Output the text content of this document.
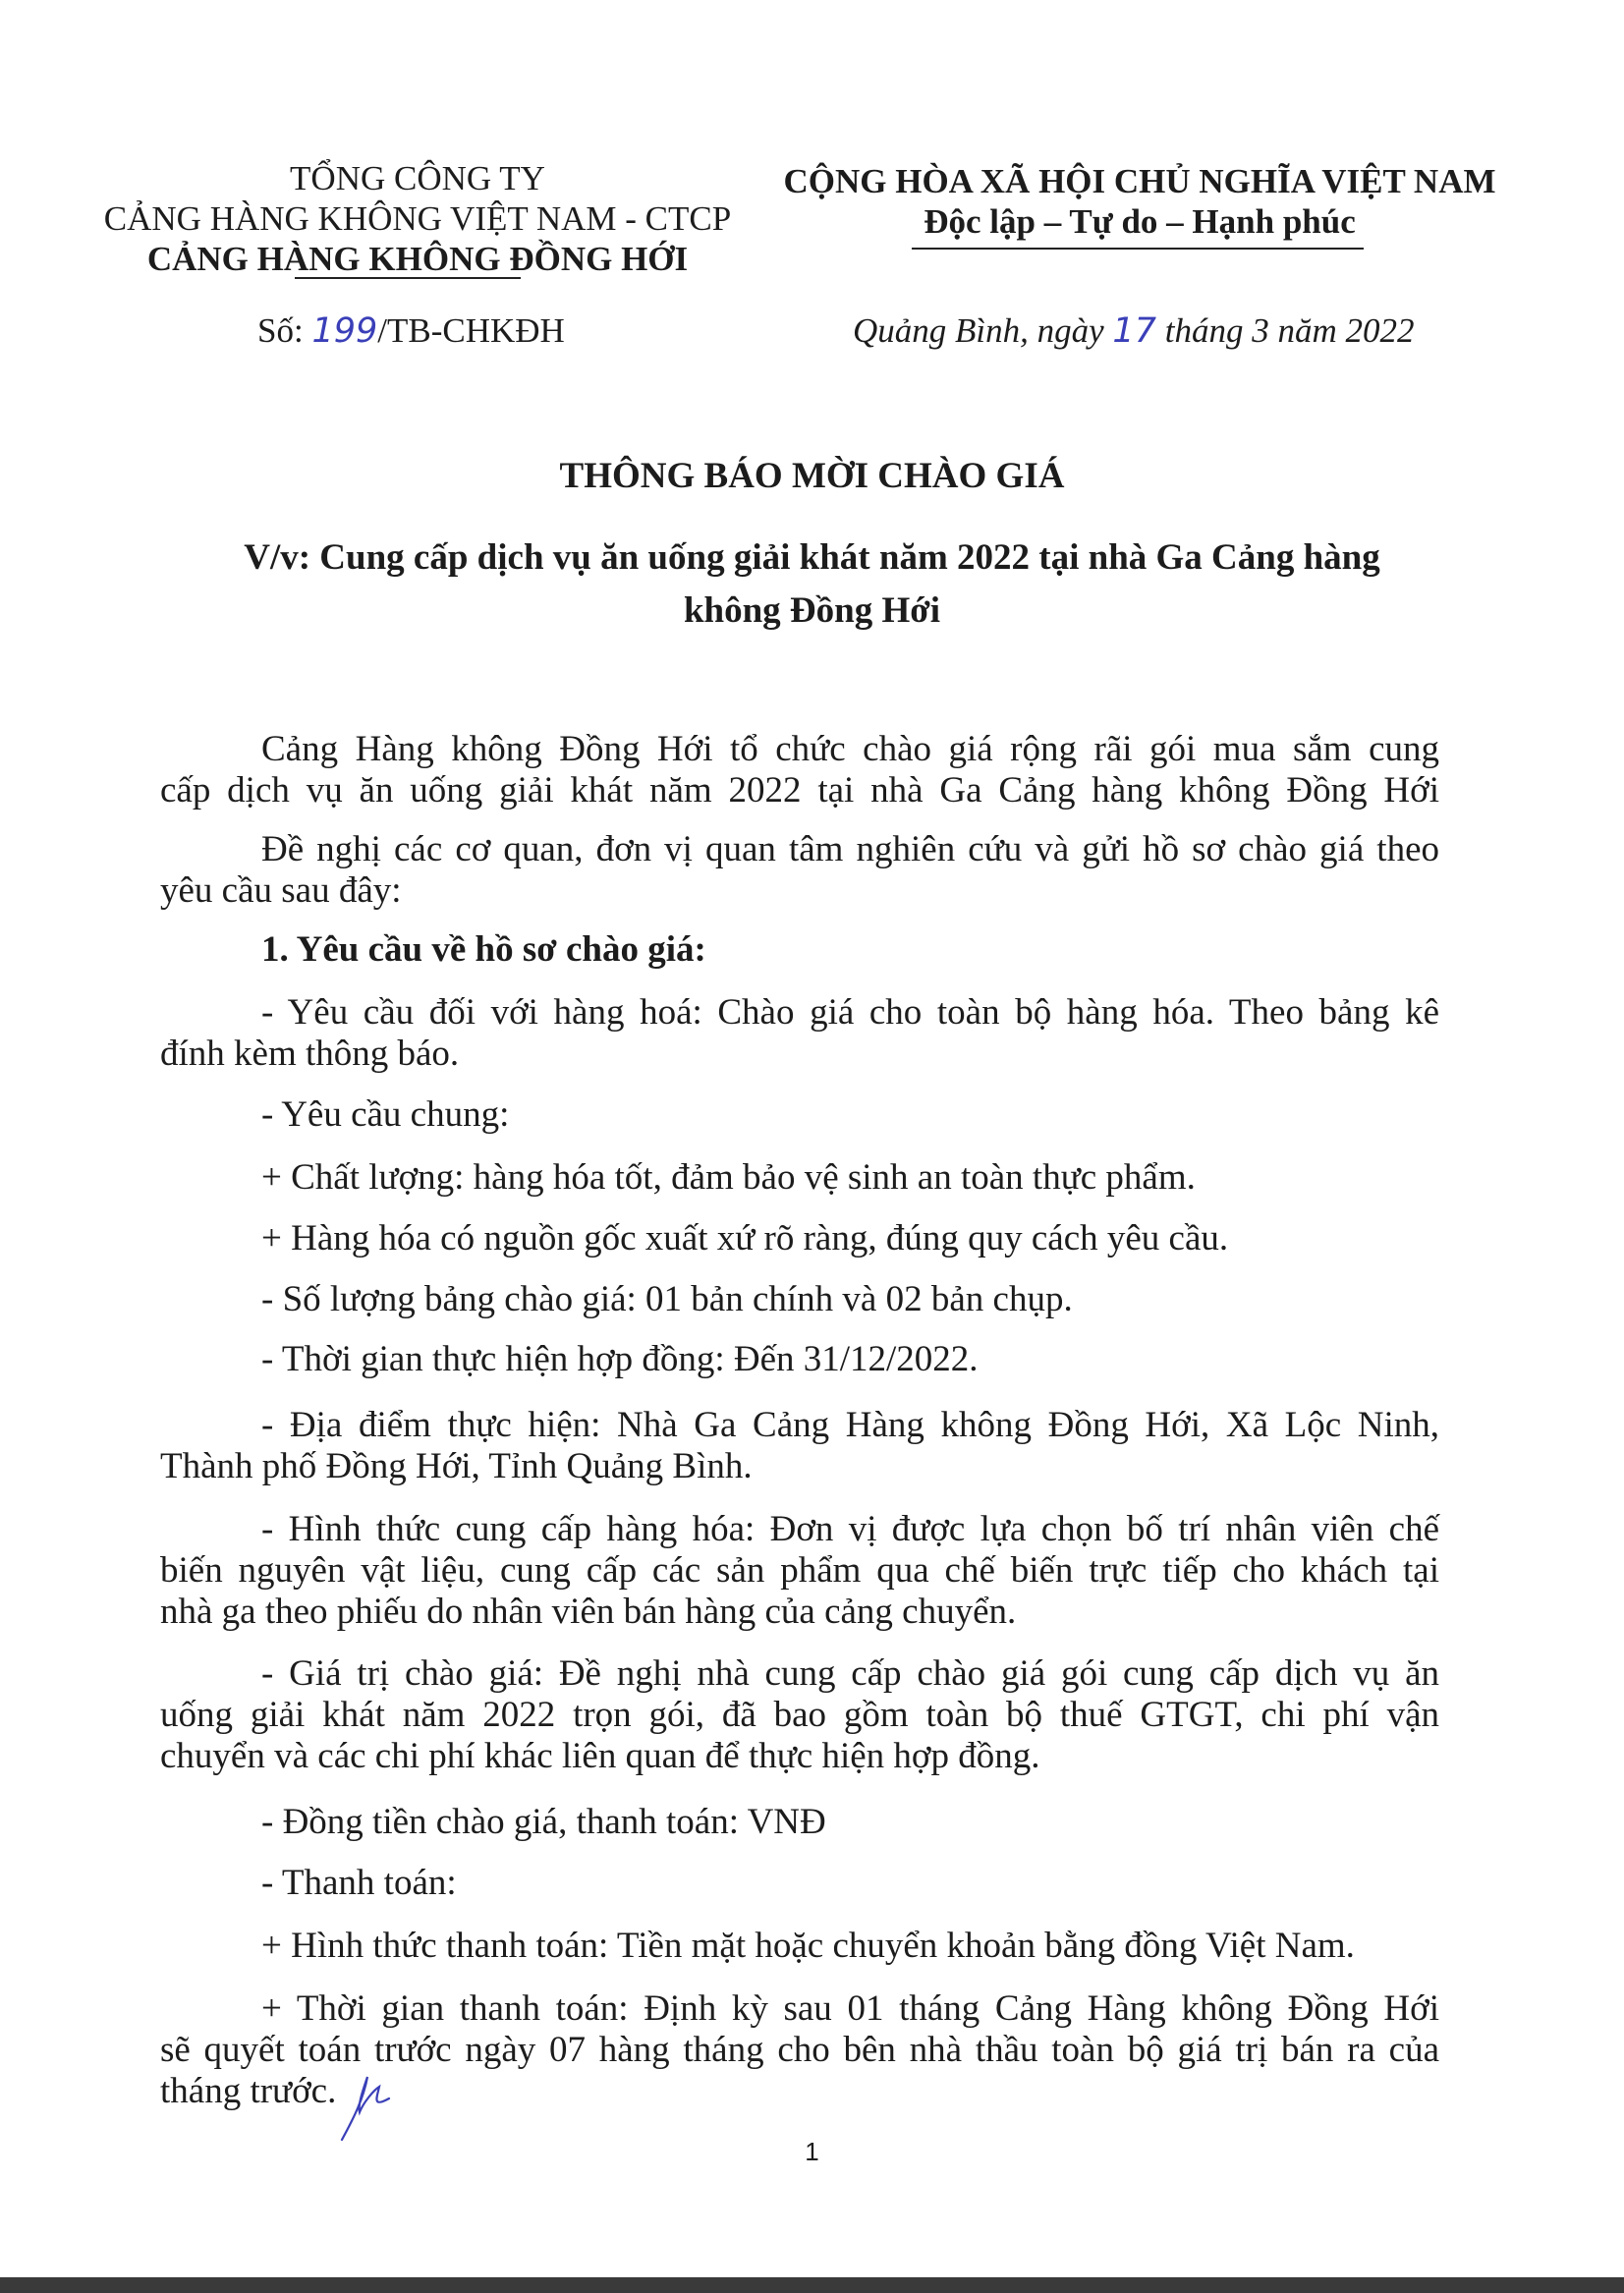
TỔNG CÔNG TY
CẢNG HÀNG KHÔNG VIỆT NAM - CTCP
CẢNG HÀNG KHÔNG ĐỒNG HỚI
Số: 199/TB-CHKĐH
CỘNG HÒA XÃ HỘI CHỦ NGHĨA VIỆT NAM
Độc lập – Tự do – Hạnh phúc
Quảng Bình, ngày 17 tháng 3 năm 2022
THÔNG BÁO MỜI CHÀO GIÁ
V/v: Cung cấp dịch vụ ăn uống giải khát năm 2022 tại nhà Ga Cảng hàng
không Đồng Hới
Cảng Hàng không Đồng Hới tổ chức chào giá rộng rãi gói mua sắm cung
cấp dịch vụ ăn uống giải khát năm 2022 tại nhà Ga Cảng hàng không Đồng Hới
Đề nghị các cơ quan, đơn vị quan tâm nghiên cứu và gửi hồ sơ chào giá theo
yêu cầu sau đây:
1. Yêu cầu về hồ sơ chào giá:
- Yêu cầu đối với hàng hoá: Chào giá cho toàn bộ hàng hóa. Theo bảng kê
đính kèm thông báo.
- Yêu cầu chung:
+ Chất lượng: hàng hóa tốt, đảm bảo vệ sinh an toàn thực phẩm.
+ Hàng hóa có nguồn gốc xuất xứ rõ ràng, đúng quy cách yêu cầu.
- Số lượng bảng chào giá: 01 bản chính và 02 bản chụp.
- Thời gian thực hiện hợp đồng: Đến 31/12/2022.
- Địa điểm thực hiện: Nhà Ga Cảng Hàng không Đồng Hới, Xã Lộc Ninh,
Thành phố Đồng Hới, Tỉnh Quảng Bình.
- Hình thức cung cấp hàng hóa: Đơn vị được lựa chọn bố trí nhân viên chế
biến nguyên vật liệu, cung cấp các sản phẩm qua chế biến trực tiếp cho khách tại
nhà ga theo phiếu do nhân viên bán hàng của cảng chuyển.
- Giá trị chào giá: Đề nghị nhà cung cấp chào giá gói cung cấp dịch vụ ăn
uống giải khát năm 2022 trọn gói, đã bao gồm toàn bộ thuế GTGT, chi phí vận
chuyển và các chi phí khác liên quan để thực hiện hợp đồng.
- Đồng tiền chào giá, thanh toán: VNĐ
- Thanh toán:
+ Hình thức thanh toán: Tiền mặt hoặc chuyển khoản bằng đồng Việt Nam.
+ Thời gian thanh toán: Định kỳ sau 01 tháng Cảng Hàng không Đồng Hới
sẽ quyết toán trước ngày 07 hàng tháng cho bên nhà thầu toàn bộ giá trị bán ra của
tháng trước.
1
